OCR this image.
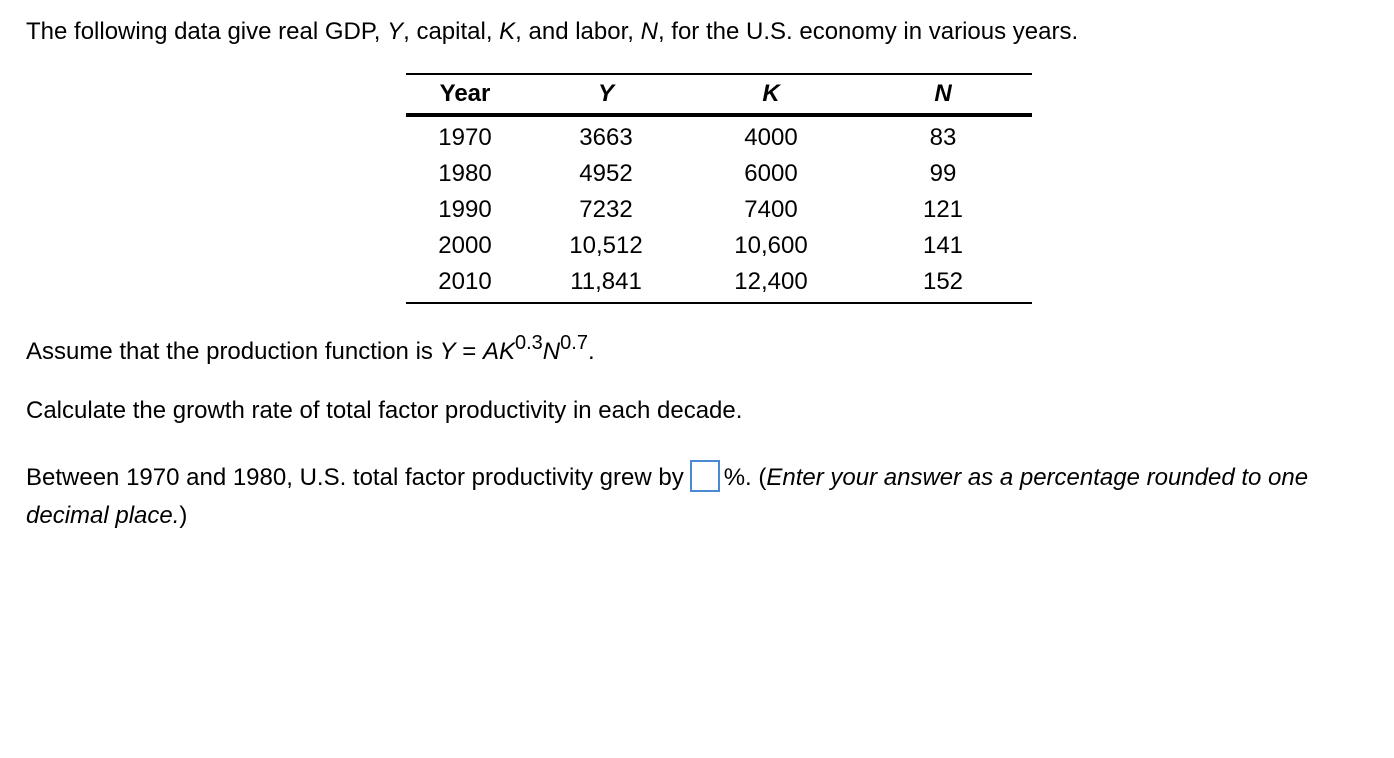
The following data give real GDP, Y, capital, K, and labor, N, for the U.S. economy in various years.
Year	Y	K	N
1970	3663	4000	83
1980	4952	6000	99
1990	7232	7400	121
2000	10,512	10,600	141
2010	11,841	12,400	152
Assume that the production function is $Y = AK^{0.3}N^{0.7}$.
Calculate the growth rate of total factor productivity in each decade.
Between 1970 and 1980, U.S. total factor productivity grew by %. (Enter your answer as a percentage rounded to one decimal place.)
